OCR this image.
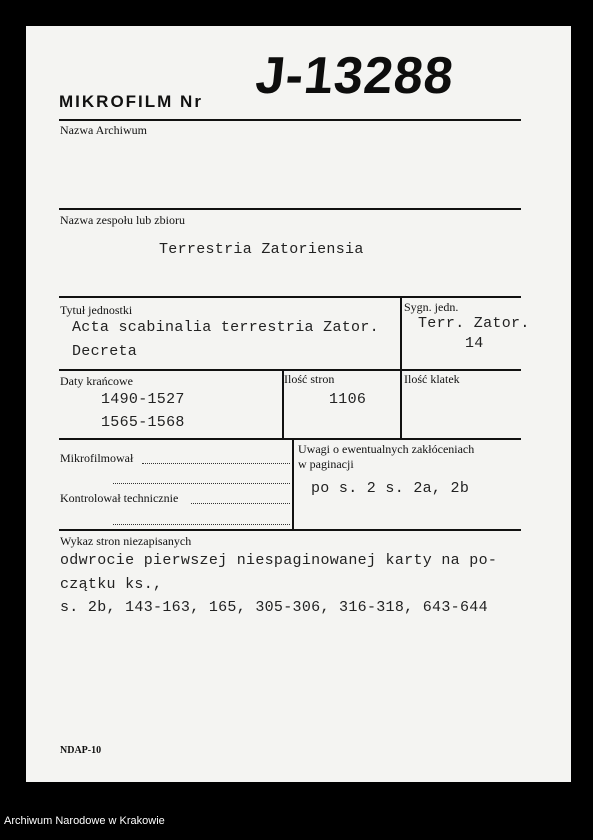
MIKROFILM Nr J-13288
Nazwa Archiwum
Nazwa zespołu lub zbioru
Terrestria Zatoriensia
Tytuł jednostki
Acta scabinalia terrestria Zator.
Decreta
Sygn. jedn.
Terr. Zator.
14
Daty krańcowe
1490-1527
1565-1568
Ilość stron
1106
Ilość klatek
Mikrofilmował
Kontrolował technicznie
Uwagi o ewentualnych zakłóceniach
w paginacji
po s. 2 s. 2a, 2b
Wykaz stron niezapisanych
odwrocie pierwszej niespaginowanej karty na po-
czątku ks.,
s. 2b, 143-163, 165, 305-306, 316-318, 643-644
NDAP-10
Archiwum Narodowe w Krakowie
